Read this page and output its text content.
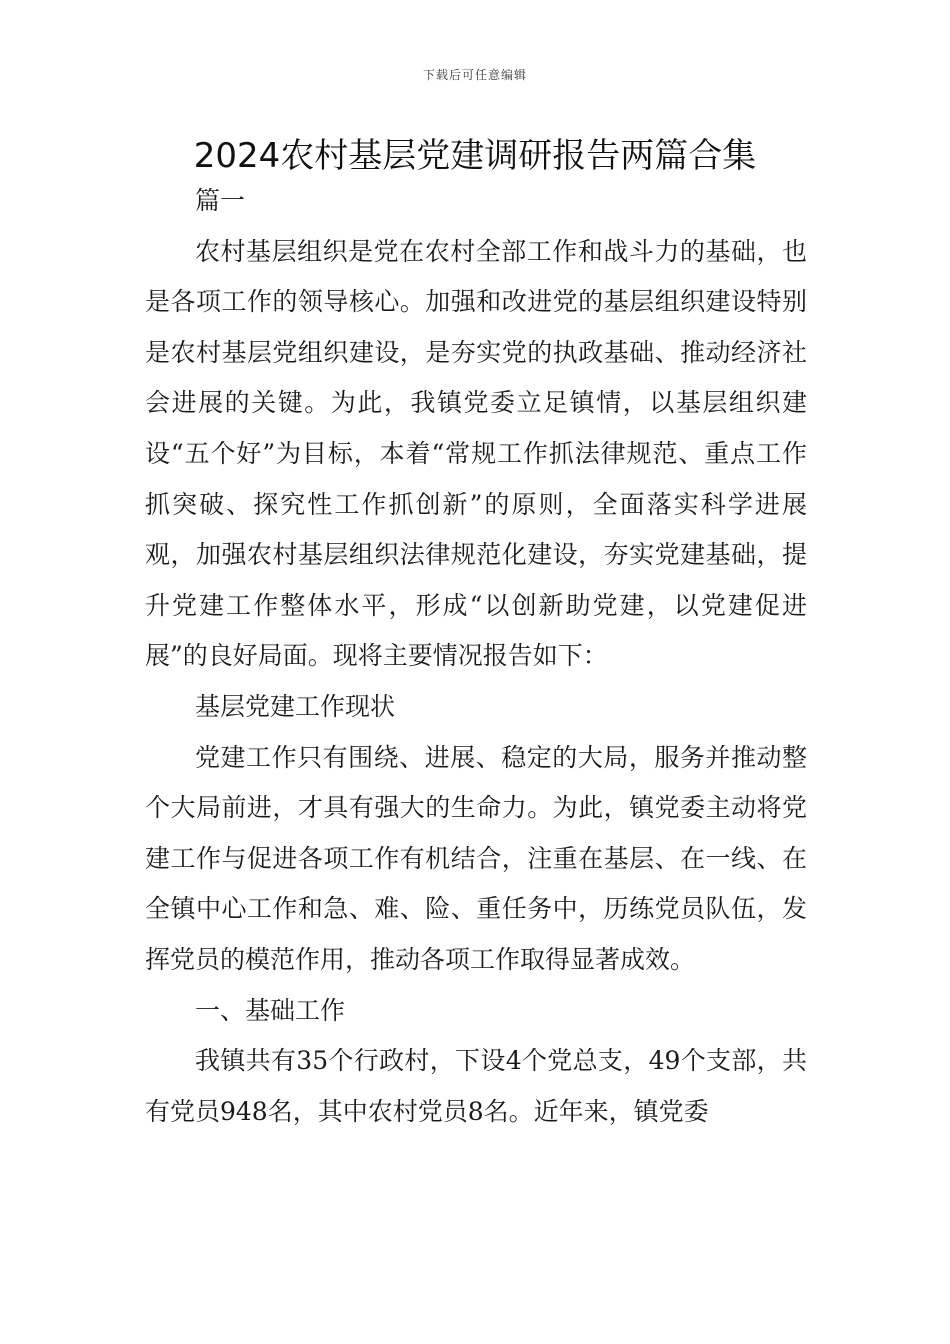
下载后可任意编辑
2024农村基层党建调研报告两篇合集

篇一

农村基层组织是党在农村全部工作和战斗力的基础，也是各项工作的领导核心。加强和改进党的基层组织建设特别是农村基层党组织建设，是夯实党的执政基础、推动经济社会进展的关键。为此，我镇党委立足镇情，以基层组织建设“五个好”为目标，本着“常规工作抓法律规范、重点工作抓突破、探究性工作抓创新”的原则，全面落实科学进展观，加强农村基层组织法律规范化建设，夯实党建基础，提升党建工作整体水平，形成“以创新助党建，以党建促进展”的良好局面。现将主要情况报告如下：

基层党建工作现状

党建工作只有围绕、进展、稳定的大局，服务并推动整个大局前进，才具有强大的生命力。为此，镇党委主动将党建工作与促进各项工作有机结合，注重在基层、在一线、在全镇中心工作和急、难、险、重任务中，历练党员队伍，发挥党员的模范作用，推动各项工作取得显著成效。

一、基础工作

我镇共有35个行政村，下设4个党总支，49个支部，共有党员948名，其中农村党员8名。近年来，镇党委
